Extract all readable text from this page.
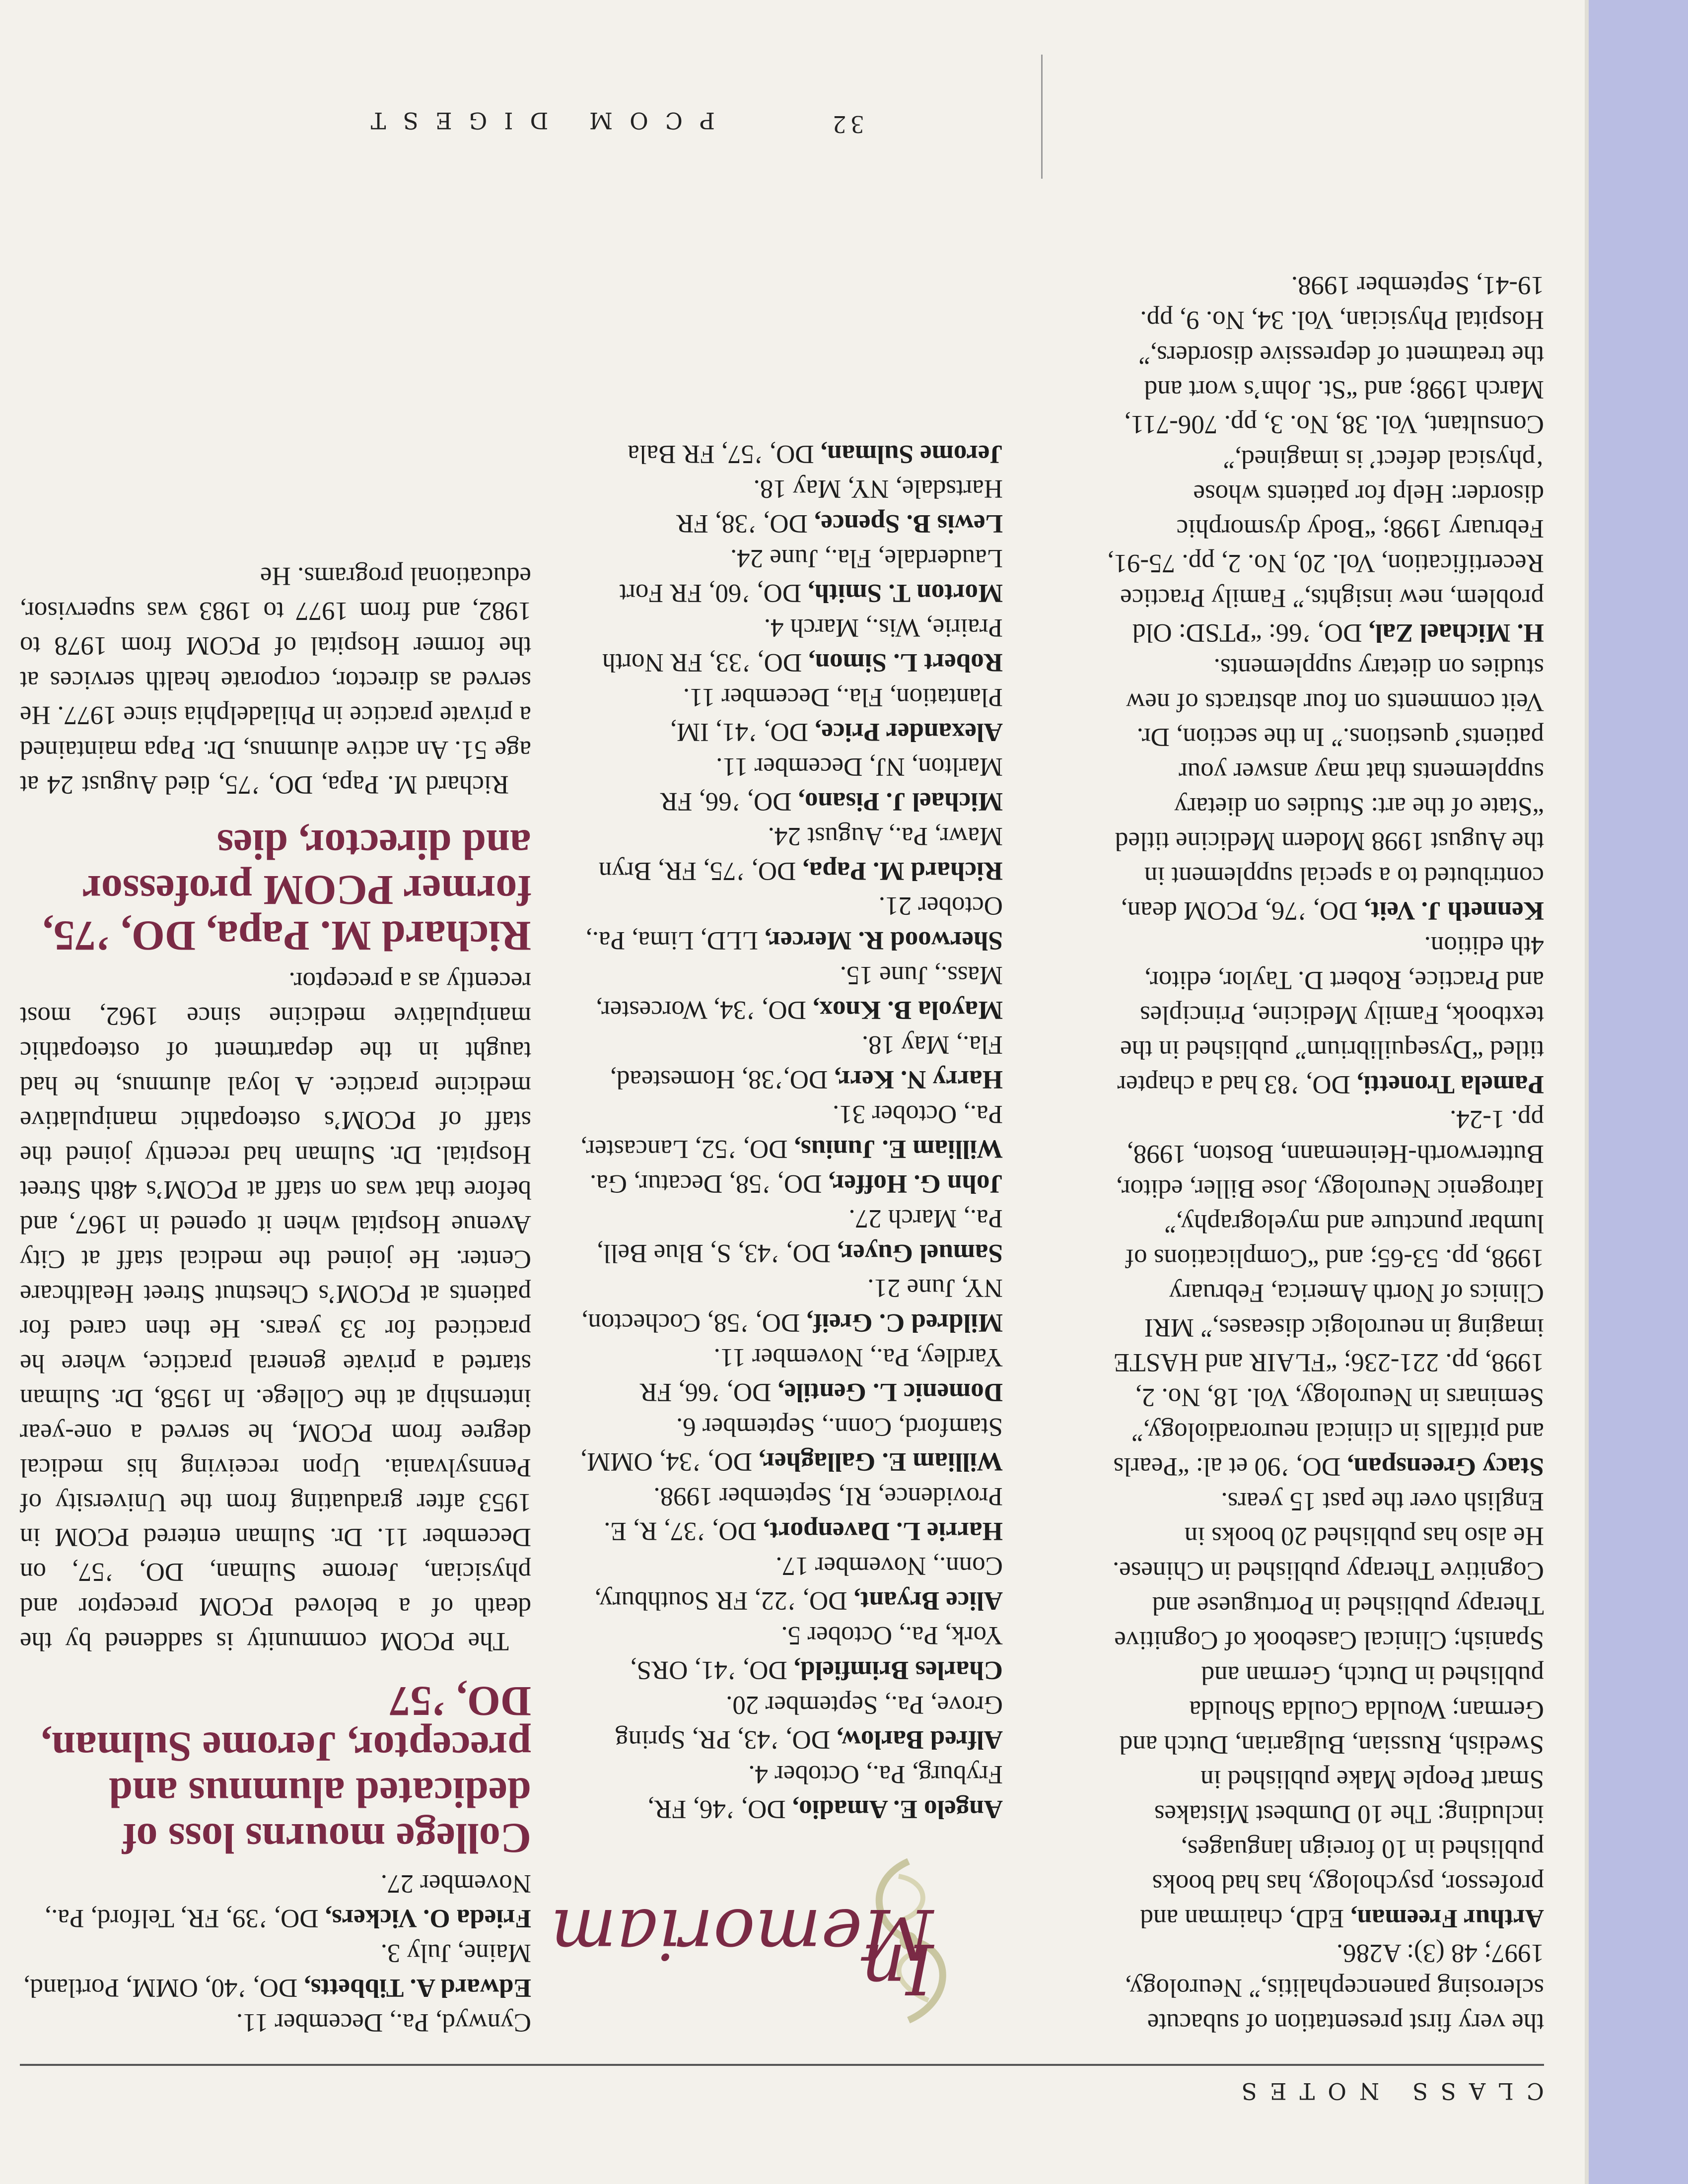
CLASS NOTES

the very first presentation of subacute sclerosing panencephalitis,” Neurology, 1997; 48 (3): A286.

Arthur Freeman, EdD, chairman and professor, psychology, has had books published in 10 foreign languages, including: The 10 Dumbest Mistakes Smart People Make published in Swedish, Russian, Bulgarian, Dutch and German; Woulda Coulda Shoulda published in Dutch, German and Spanish; Clinical Casebook of Cognitive Therapy published in Portuguese and Cognitive Therapy published in Chinese. He also has published 20 books in English over the past 15 years.

Stacy Greenspan, DO, ’90 et al: “Pearls and pitfalls in clinical neuroradiology,” Seminars in Neurology, Vol. 18, No. 2, 1998, pp. 221-236; “FLAIR and HASTE imaging in neurologic diseases,” MRI Clinics of North America, February 1998, pp. 53-65; and “Complications of lumbar puncture and myelography,” Iatrogenic Neurology, Jose Biller, editor, Butterworth-Heinemann, Boston, 1998, pp. 1-24.

Pamela Tronetti, DO, ’83 had a chapter titled “Dysequilibrium” published in the textbook, Family Medicine, Principles and Practice, Robert D. Taylor, editor, 4th edition.

Kenneth J. Veit, DO, ’76, PCOM dean, contributed to a special supplement in the August 1998 Modern Medicine titled “State of the art: Studies on dietary supplements that may answer your patients’ questions.” In the section, Dr. Veit comments on four abstracts of new studies on dietary supplements.

H. Michael Zal, DO, ’66: “PTSD: Old problem, new insights,” Family Practice Recertification, Vol. 20, No. 2, pp. 75-91, February 1998; “Body dysmorphic disorder: Help for patients whose ‘physical defect’ is imagined,” Consultant, Vol. 38, No. 3, pp. 706-711, March 1998; and “St. John’s wort and the treatment of depressive disorders,” Hospital Physician, Vol. 34, No. 9, pp. 19-41, September 1998.

In Memoriam

Angelo E. Amadio, DO, ’46, FR, Fryburg, Pa., October 4.

Alfred Barlow, DO, ’43, PR, Spring Grove, Pa., September 20.

Charles Brimfield, DO, ’41, ORS, York, Pa., October 5.

Alice Bryant, DO, ’22, FR Southbury, Conn., November 17.

Harrie L. Davenport, DO, ’37, R, E. Providence, RI, September 1998.

William E. Gallagher, DO, ’34, OMM, Stamford, Conn., September 6.

Domenic L. Gentile, DO, ’66, FR Yardley, Pa., November 11.

Mildred C. Greif, DO, ’58, Cochecton, NY, June 21.

Samuel Guyer, DO, ’43, S, Blue Bell, Pa., March 27.

John G. Hoffer, DO, ’58, Decatur, Ga.

William E. Junius, DO, ’52, Lancaster, Pa., October 31.

Harry N. Kerr, DO,’38, Homestead, Fla., May 18.

Mayola B. Knox, DO, ’34, Worcester, Mass., June 15.

Sherwood R. Mercer, LLD, Lima, Pa., October 21.

Richard M. Papa, DO, ’75, FR, Bryn Mawr, Pa., August 24.

Michael J. Pisano, DO, ’66, FR Marlton, NJ, December 11.

Alexander Price, DO, ’41, IM, Plantation, Fla., December 11.

Robert L. Simon, DO, ’33, FR North Prairie, Wis., March 4.

Morton T. Smith, DO, ’60, FR Fort Lauderdale, Fla., June 24.

Lewis B. Spence, DO, ’38, FR Hartsdale, NY, May 18.

Jerome Sulman, DO, ’57, FR Bala

Cynwyd, Pa., December 11.

Edward A. Tibbetts, DO, ’40, OMM, Portland, Maine, July 3.

Frieda O. Vickers, DO, ’39, FR, Telford, Pa., November 27.

College mourns loss of dedicated alumnus and preceptor, Jerome Sulman, DO, ’57

The PCOM community is saddened by the death of a beloved PCOM preceptor and physician, Jerome Sulman, DO, ’57, on December 11. Dr. Sulman entered PCOM in 1953 after graduating from the University of Pennsylvania. Upon receiving his medical degree from PCOM, he served a one-year internship at the College. In 1958, Dr. Sulman started a private general practice, where he practiced for 33 years. He then cared for patients at PCOM’s Chestnut Street Healthcare Center. He joined the medical staff at City Avenue Hospital when it opened in 1967, and before that was on staff at PCOM’s 48th Street Hospital. Dr. Sulman had recently joined the staff of PCOM’s osteopathic manipulative medicine practice. A loyal alumnus, he had taught in the department of osteopathic manipulative medicine since 1962, most recently as a preceptor.

Richard M. Papa, DO, ’75, former PCOM professor and director, dies

Richard M. Papa, DO, ’75, died August 24 at age 51. An active alumnus, Dr. Papa maintained a private practice in Philadelphia since 1977. He served as director, corporate health services at the former Hospital of PCOM from 1978 to 1982, and from 1977 to 1983 was supervisor, educational programs. He

32
PCOM DIGEST
